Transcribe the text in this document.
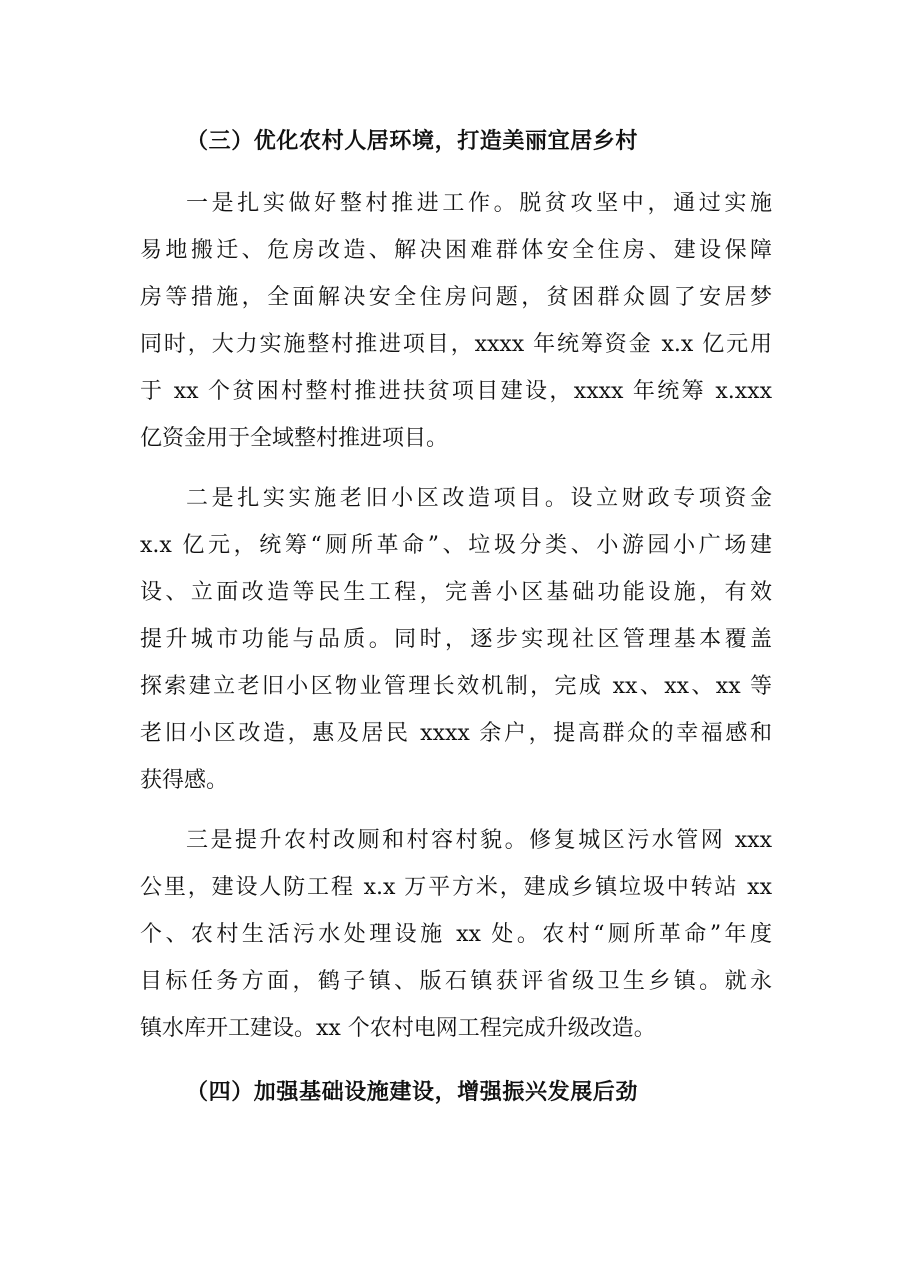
（三）优化农村人居环境，打造美丽宜居乡村
一是扎实做好整村推进工作。脱贫攻坚中，通过实施
易地搬迁、危房改造、解决困难群体安全住房、建设保障
房等措施，全面解决安全住房问题，贫困群众圆了安居梦
同时，大力实施整村推进项目，xxxx 年统筹资金 x.x 亿元用
于 xx 个贫困村整村推进扶贫项目建设，xxxx 年统筹 x.xxx
亿资金用于全域整村推进项目。
二是扎实实施老旧小区改造项目。设立财政专项资金
x.x 亿元，统筹“厕所革命”、垃圾分类、小游园小广场建
设、立面改造等民生工程，完善小区基础功能设施，有效
提升城市功能与品质。同时，逐步实现社区管理基本覆盖
探索建立老旧小区物业管理长效机制，完成 xx、xx、xx 等
老旧小区改造，惠及居民 xxxx 余户，提高群众的幸福感和
获得感。
三是提升农村改厕和村容村貌。修复城区污水管网 xxx
公里，建设人防工程 x.x 万平方米，建成乡镇垃圾中转站 xx
个、农村生活污水处理设施 xx 处。农村“厕所革命”年度
目标任务方面，鹤子镇、版石镇获评省级卫生乡镇。就永
镇水库开工建设。xx 个农村电网工程完成升级改造。
（四）加强基础设施建设，增强振兴发展后劲
